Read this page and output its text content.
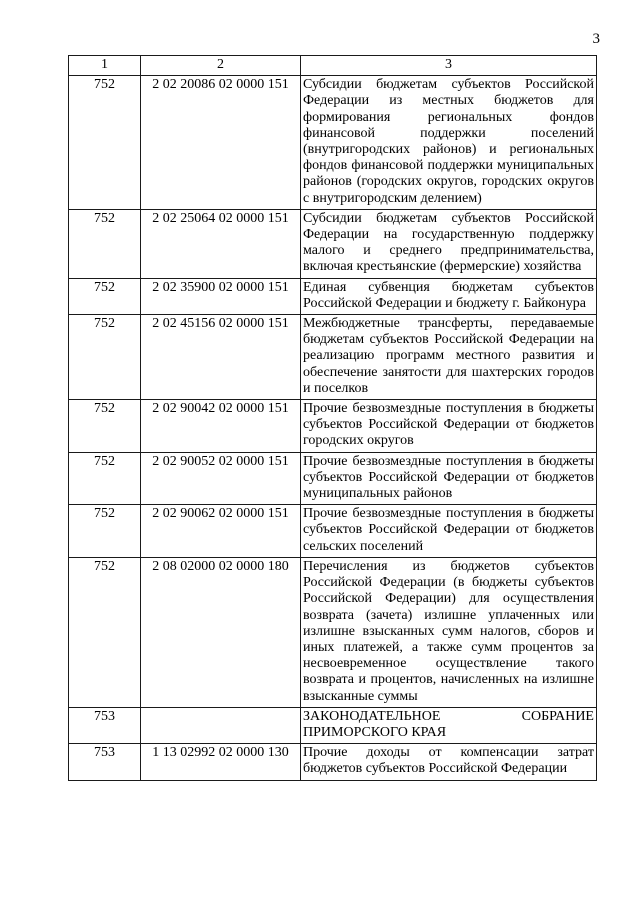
3
1	2	3
752	2 02 20086 02 0000 151	Субсидии бюджетам субъектов Российской Федерации из местных бюджетов для формирования региональных фондов финансовой поддержки поселений (внутригородских районов) и региональных фондов финансовой поддержки муниципальных районов (городских округов, городских округов с внутригородским делением)
752	2 02 25064 02 0000 151	Субсидии бюджетам субъектов Российской Федерации на государственную поддержку малого и среднего предпринимательства, включая крестьянские (фермерские) хозяйства
752	2 02 35900 02 0000 151	Единая субвенция бюджетам субъектов Российской Федерации и бюджету г. Байконура
752	2 02 45156 02 0000 151	Межбюджетные трансферты, передаваемые бюджетам субъектов Российской Федерации на реализацию программ местного развития и обеспечение занятости для шахтерских городов и поселков
752	2 02 90042 02 0000 151	Прочие безвозмездные поступления в бюджеты субъектов Российской Федерации от бюджетов городских округов
752	2 02 90052 02 0000 151	Прочие безвозмездные поступления в бюджеты субъектов Российской Федерации от бюджетов муниципальных районов
752	2 02 90062 02 0000 151	Прочие безвозмездные поступления в бюджеты субъектов Российской Федерации от бюджетов сельских поселений
752	2 08 02000 02 0000 180	Перечисления из бюджетов субъектов Российской Федерации (в бюджеты субъектов Российской Федерации) для осуществления возврата (зачета) излишне уплаченных или излишне взысканных сумм налогов, сборов и иных платежей, а также сумм процентов за несвоевременное осуществление такого возврата и процентов, начисленных на излишне взысканные суммы
753		ЗАКОНОДАТЕЛЬНОЕ СОБРАНИЕ ПРИМОРСКОГО КРАЯ
753	1 13 02992 02 0000 130	Прочие доходы от компенсации затрат бюджетов субъектов Российской Федерации
